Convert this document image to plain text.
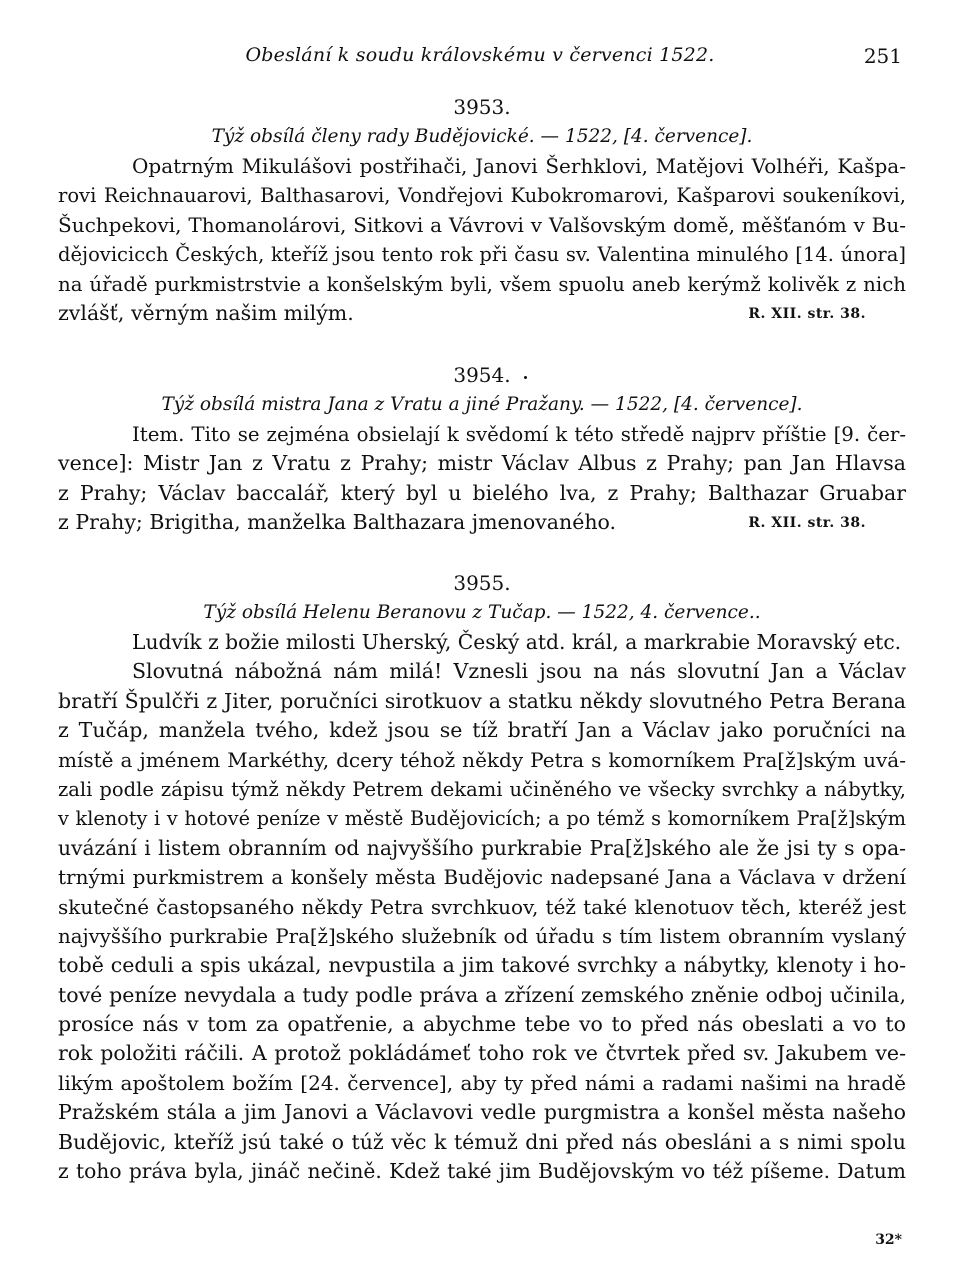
Obeslání k soudu královskému v červenci 1522.	251
3953.
Týž obsílá členy rady Budějovické. — 1522, [4. července].
Opatrným Mikulášovi postřihači, Janovi Šerhklovi, Matějovi Volhéři, Kašpa-
rovi Reichnauarovi, Balthasarovi, Vondřejovi Kubokromarovi, Kašparovi soukeníkovi,
Šuchpekovi, Thomanolárovi, Sitkovi a Vávrovi v Valšovským domě, měšťanóm v Bu-
dějovicicch Českých, kteříž jsou tento rok při času sv. Valentina minulého [14. února]
na úřadě purkmistrstvie a konšelským byli, všem spuolu aneb kerýmž kolivěk z nich
zvlášť, věrným našim milým.	R. XII. str. 38.
3954.
Týž obsílá mistra Jana z Vratu a jiné Pražany. — 1522, [4. července].
Item. Tito se zejména obsielají k svědomí k této středě najprv příštie [9. čer-
vence]: Mistr Jan z Vratu z Prahy; mistr Václav Albus z Prahy; pan Jan Hlavsa
z Prahy; Václav baccalář, který byl u bielého lva, z Prahy; Balthazar Gruabar
z Prahy; Brigitha, manželka Balthazara jmenovaného.	R. XII. str. 38.
3955.
Týž obsílá Helenu Beranovu z Tučap. — 1522, 4. července..
Ludvík z božie milosti Uherský, Český atd. král, a markrabie Moravský etc.
Slovutná nábožná nám milá! Vznesli jsou na nás slovutní Jan a Václav
bratří Špulčři z Jiter, poručníci sirotkuov a statku někdy slovutného Petra Berana
z Tučáp, manžela tvého, kdež jsou se tíž bratří Jan a Václav jako poručníci na
místě a jménem Markéthy, dcery téhož někdy Petra s komorníkem Pra[ž]ským uvá-
zali podle zápisu týmž někdy Petrem dekami učiněného ve všecky svrchky a nábytky,
v klenoty i v hotové peníze v městě Budějovicích; a po témž s komorníkem Pra[ž]ským
uvázání i listem obranním od najvyššího purkrabie Pra[ž]ského ale že jsi ty s opa-
trnými purkmistrem a konšely města Budějovic nadepsané Jana a Václava v držení
skutečné častopsaného někdy Petra svrchkuov, též také klenotuov těch, kteréž jest
najvyššího purkrabie Pra[ž]ského služebník od úřadu s tím listem obranním vyslaný
tobě ceduli a spis ukázal, nevpustila a jim takové svrchky a nábytky, klenoty i ho-
tové peníze nevydala a tudy podle práva a zřízení zemského zněnie odboj učinila,
prosíce nás v tom za opatřenie, a abychme tebe vo to před nás obeslati a vo to
rok položiti ráčili. A protož pokládámeť toho rok ve čtvrtek před sv. Jakubem ve-
likým apoštolem božím [24. července], aby ty před námi a radami našimi na hradě
Pražském stála a jim Janovi a Václavovi vedle purgmistra a konšel města našeho
Budějovic, kteříž jsú také o túž věc k témuž dni před nás obesláni a s nimi spolu
z toho práva byla, jináč nečině. Kdež také jim Budějovským vo též píšeme. Datum
32*
